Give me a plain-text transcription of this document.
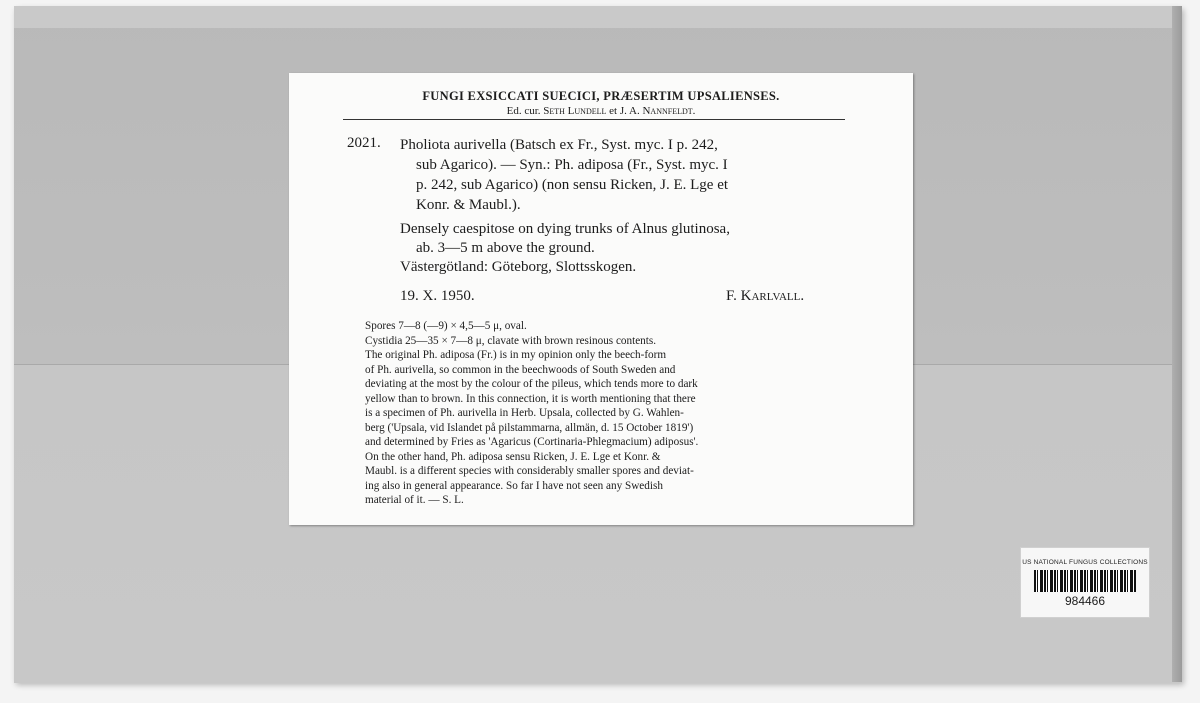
FUNGI EXSICCATI SUECICI, PRÆSERTIM UPSALIENSES.
Ed. cur. Seth Lundell et J. A. Nannfeldt.
2021. Pholiota aurivella (Batsch ex Fr., Syst. myc. I p. 242,
sub Agarico). — Syn.: Ph. adiposa (Fr., Syst. myc. I
p. 242, sub Agarico) (non sensu Ricken, J. E. Lge et
Konr. & Maubl.).
Densely caespitose on dying trunks of Alnus glutinosa,
ab. 3—5 m above the ground.
Västergötland: Göteborg, Slottsskogen.
19. X. 1950.	F. Karlvall.
Spores 7—8 (—9) × 4,5—5 μ, oval.
Cystidia 25—35 × 7—8 μ, clavate with brown resinous contents.
The original Ph. adiposa (Fr.) is in my opinion only the beech-form
of Ph. aurivella, so common in the beechwoods of South Sweden and
deviating at the most by the colour of the pileus, which tends more to dark
yellow than to brown. In this connection, it is worth mentioning that there
is a specimen of Ph. aurivella in Herb. Upsala, collected by G. Wahlen-
berg ('Upsala, vid Islandet på pilstammarna, allmän, d. 15 October 1819')
and determined by Fries as 'Agaricus (Cortinaria-Phlegmacium) adiposus'.
On the other hand, Ph. adiposa sensu Ricken, J. E. Lge et Konr. &
Maubl. is a different species with considerably smaller spores and deviat-
ing also in general appearance. So far I have not seen any Swedish
material of it. — S. L.
US NATIONAL FUNGUS COLLECTIONS
984466
